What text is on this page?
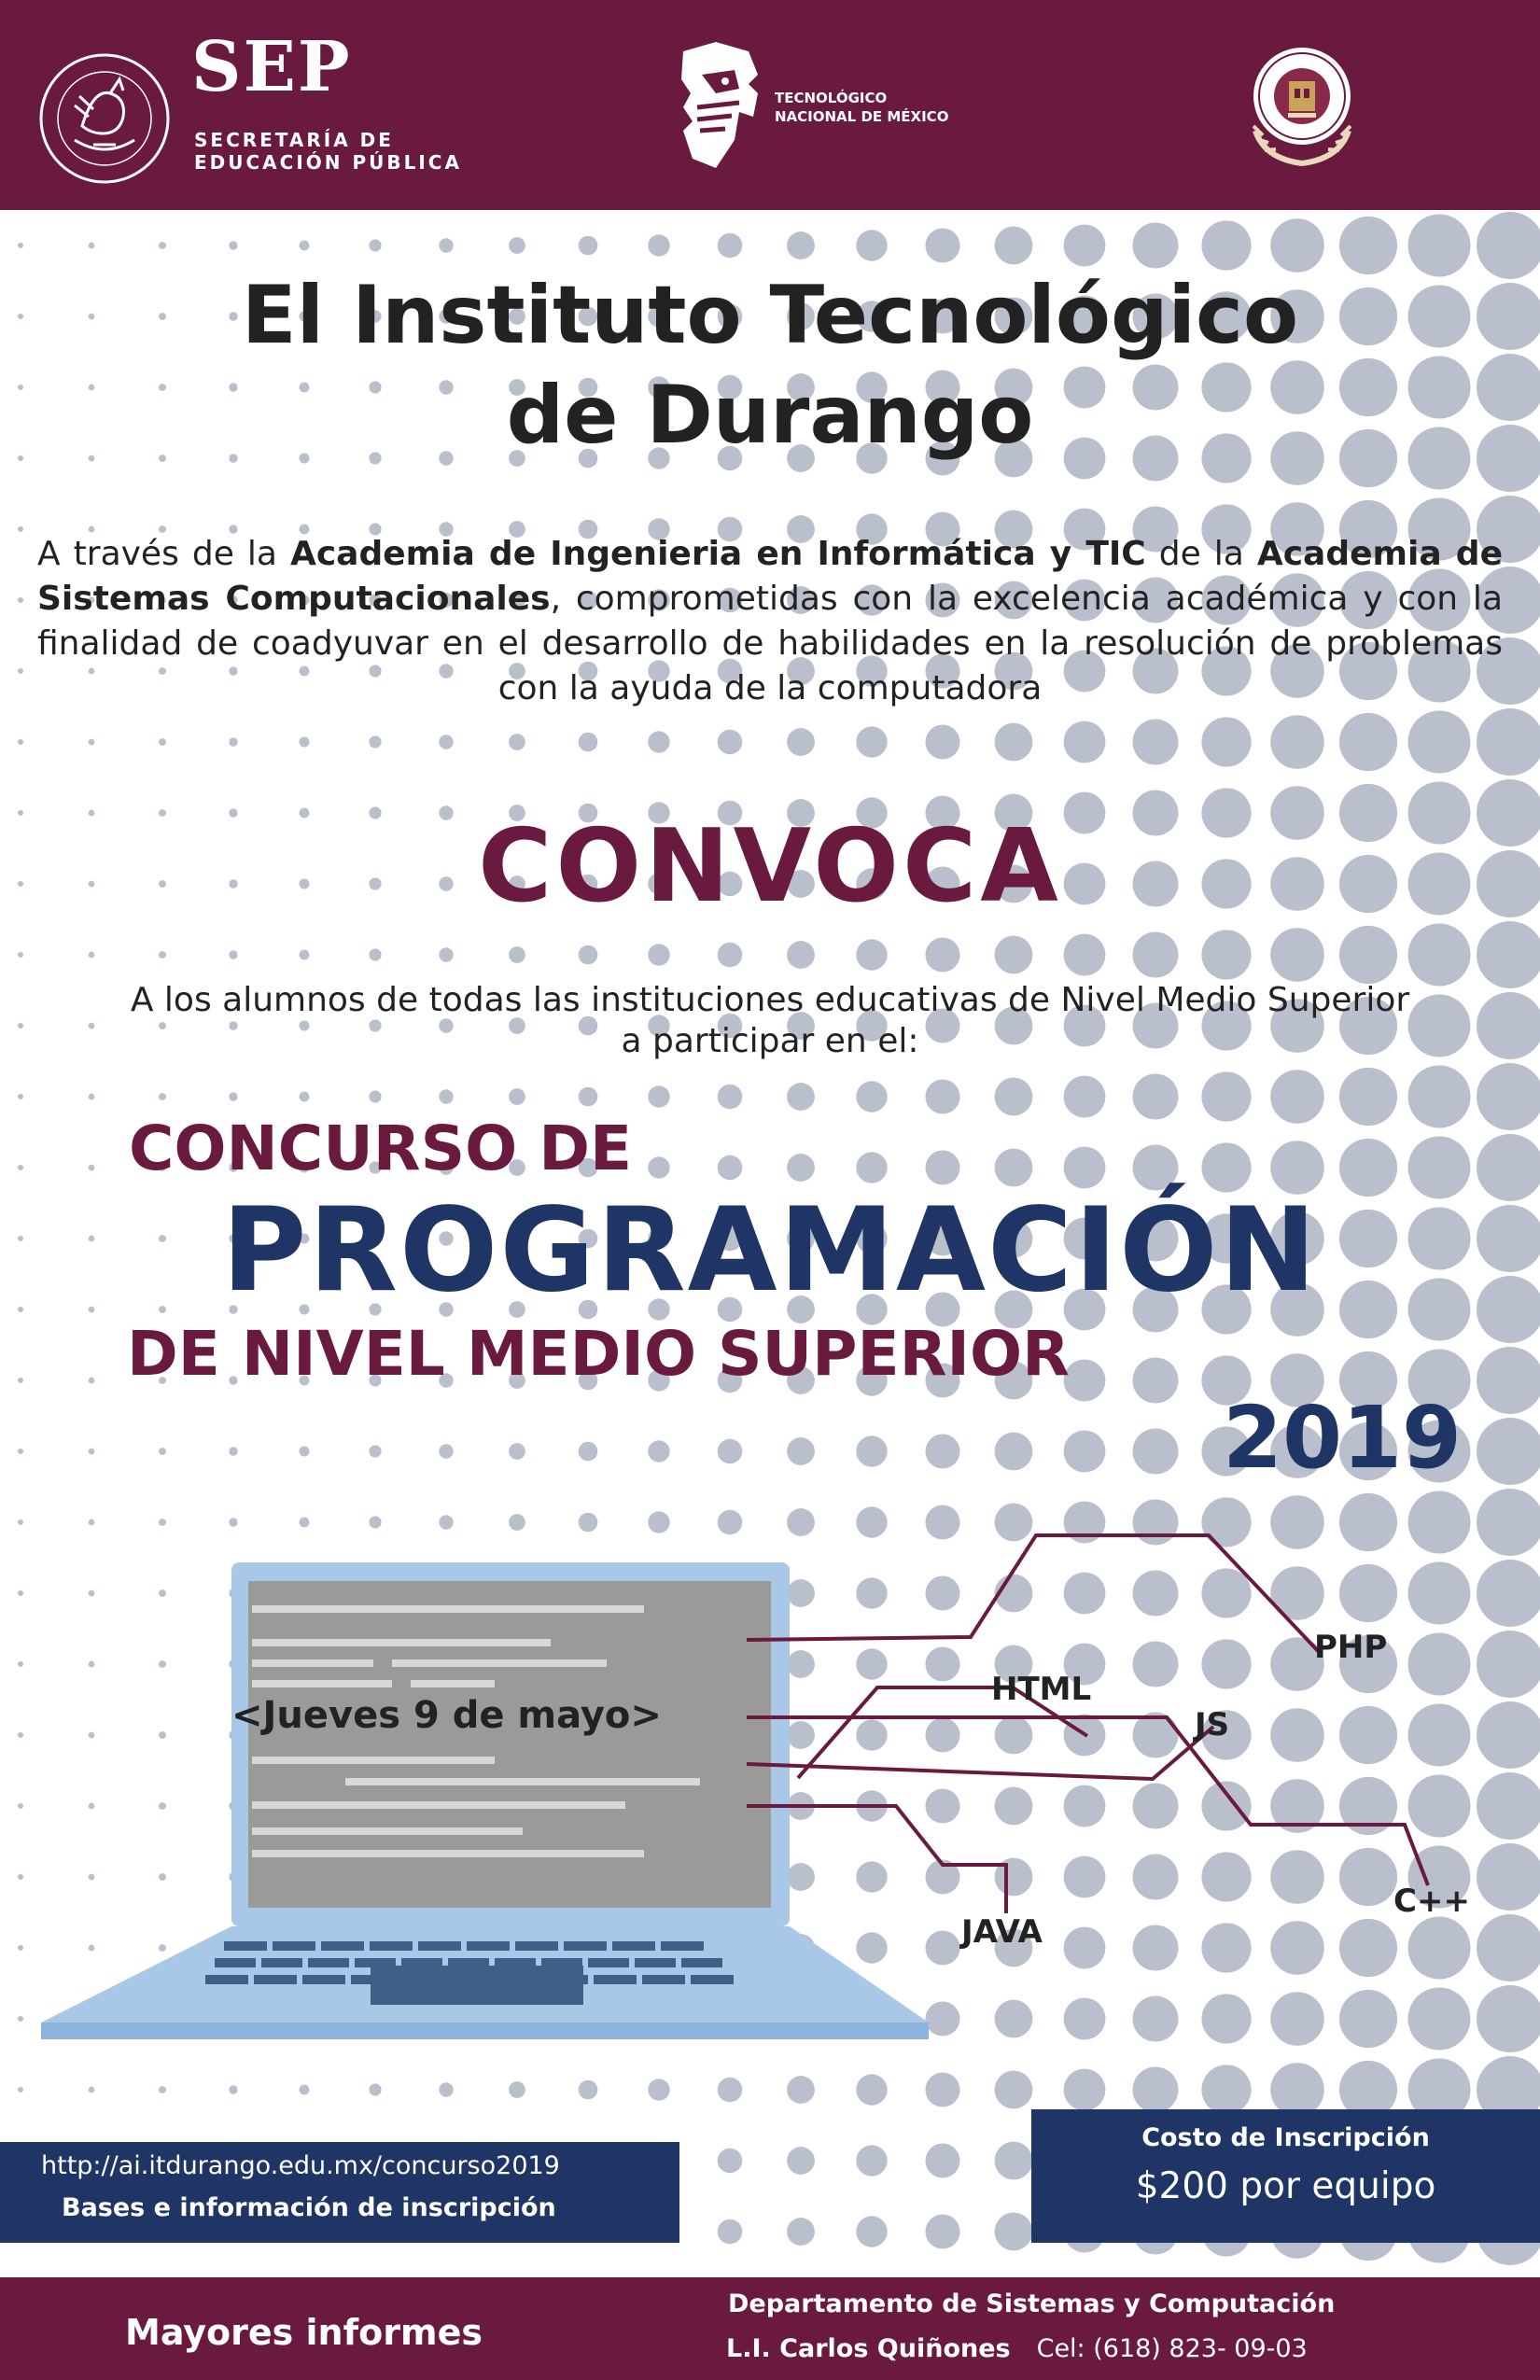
SEP
SECRETARÍA DE
EDUCACIÓN PÚBLICA
TECNOLÓGICO
NACIONAL DE MÉXICO
El Instituto Tecnológico
de Durango
A través de la Academia de Ingenieria en Informática y TIC de la Academia de Sistemas Computacionales, comprometidas con la excelencia académica y con la finalidad de coadyuvar en el desarrollo de habilidades en la resolución de problemas con la ayuda de la computadora
CONVOCA
A los alumnos de todas las instituciones educativas de Nivel Medio Superior
a participar en el:
CONCURSO DE
PROGRAMACIÓN
DE NIVEL MEDIO SUPERIOR
2019
<Jueves 9 de mayo>
PHP
HTML
JS
C++
JAVA
http://ai.itdurango.edu.mx/concurso2019
Bases e información de inscripción
Costo de Inscripción
$200 por equipo
Mayores informes
Departamento de Sistemas y Computación
L.I. Carlos Quiñones Cel: (618) 823- 09-03
